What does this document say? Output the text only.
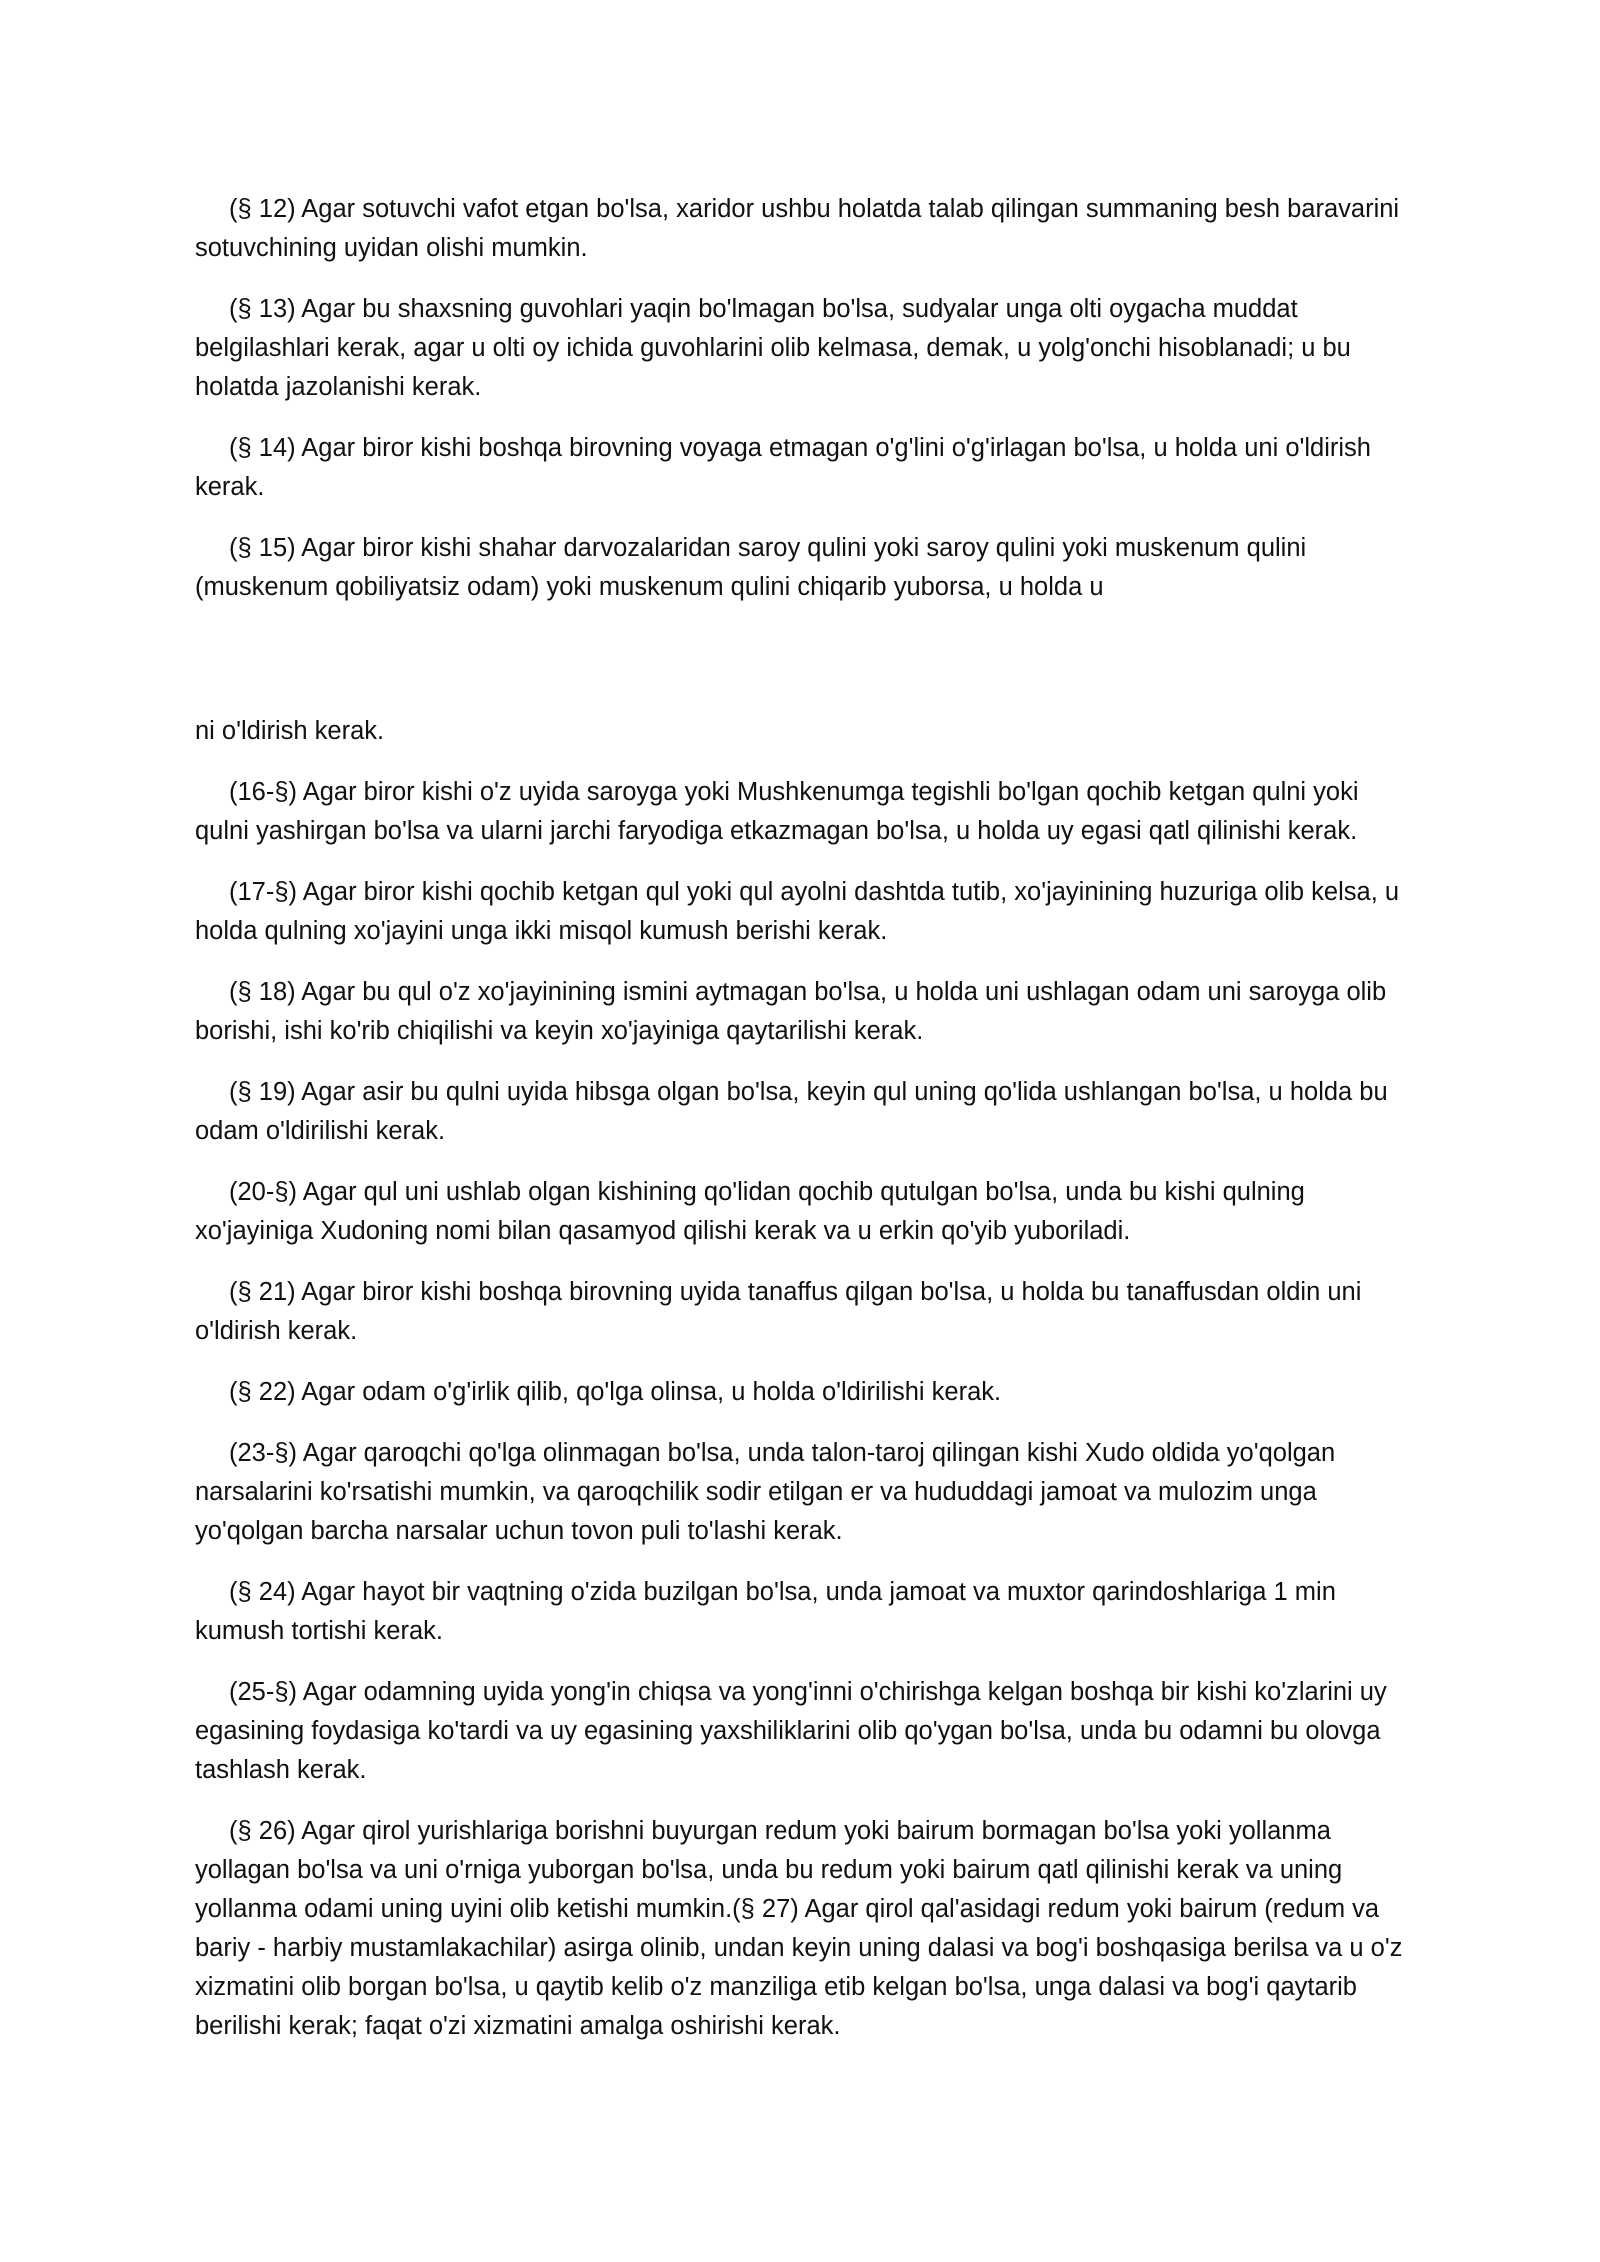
(§ 12) Agar sotuvchi vafot etgan bo'lsa, xaridor ushbu holatda talab qilingan summaning besh baravarini sotuvchining uyidan olishi mumkin.

(§ 13) Agar bu shaxsning guvohlari yaqin bo'lmagan bo'lsa, sudyalar unga olti oygacha muddat belgilashlari kerak, agar u olti oy ichida guvohlarini olib kelmasa, demak, u yolg'onchi hisoblanadi; u bu holatda jazolanishi kerak.

(§ 14) Agar biror kishi boshqa birovning voyaga etmagan o'g'lini o'g'irlagan bo'lsa, u holda uni o'ldirish kerak.

(§ 15) Agar biror kishi shahar darvozalaridan saroy qulini yoki saroy qulini yoki muskenum qulini (muskenum qobiliyatsiz odam) yoki muskenum qulini chiqarib yuborsa, u holda u

ni o'ldirish kerak.

(16-§) Agar biror kishi o'z uyida saroyga yoki Mushkenumga tegishli bo'lgan qochib ketgan qulni yoki qulni yashirgan bo'lsa va ularni jarchi faryodiga etkazmagan bo'lsa, u holda uy egasi qatl qilinishi kerak.

(17-§) Agar biror kishi qochib ketgan qul yoki qul ayolni dashtda tutib, xo'jayinining huzuriga olib kelsa, u holda qulning xo'jayini unga ikki misqol kumush berishi kerak.

(§ 18) Agar bu qul o'z xo'jayinining ismini aytmagan bo'lsa, u holda uni ushlagan odam uni saroyga olib borishi, ishi ko'rib chiqilishi va keyin xo'jayiniga qaytarilishi kerak.

(§ 19) Agar asir bu qulni uyida hibsga olgan bo'lsa, keyin qul uning qo'lida ushlangan bo'lsa, u holda bu odam o'ldirilishi kerak.

(20-§) Agar qul uni ushlab olgan kishining qo'lidan qochib qutulgan bo'lsa, unda bu kishi qulning xo'jayiniga Xudoning nomi bilan qasamyod qilishi kerak va u erkin qo'yib yuboriladi.

(§ 21) Agar biror kishi boshqa birovning uyida tanaffus qilgan bo'lsa, u holda bu tanaffusdan oldin uni o'ldirish kerak.

(§ 22) Agar odam o'g'irlik qilib, qo'lga olinsa, u holda o'ldirilishi kerak.

(23-§) Agar qaroqchi qo'lga olinmagan bo'lsa, unda talon-taroj qilingan kishi Xudo oldida yo'qolgan narsalarini ko'rsatishi mumkin, va qaroqchilik sodir etilgan er va hududdagi jamoat va mulozim unga yo'qolgan barcha narsalar uchun tovon puli to'lashi kerak.

(§ 24) Agar hayot bir vaqtning o'zida buzilgan bo'lsa, unda jamoat va muxtor qarindoshlariga 1 min kumush tortishi kerak.

(25-§) Agar odamning uyida yong'in chiqsa va yong'inni o'chirishga kelgan boshqa bir kishi ko'zlarini uy egasining foydasiga ko'tardi va uy egasining yaxshiliklarini olib qo'ygan bo'lsa, unda bu odamni bu olovga tashlash kerak.

(§ 26) Agar qirol yurishlariga borishni buyurgan redum yoki bairum bormagan bo'lsa yoki yollanma yollagan bo'lsa va uni o'rniga yuborgan bo'lsa, unda bu redum yoki bairum qatl qilinishi kerak va uning yollanma odami uning uyini olib ketishi mumkin.(§ 27) Agar qirol qal'asidagi redum yoki bairum (redum va bariy - harbiy mustamlakachilar) asirga olinib, undan keyin uning dalasi va bog'i boshqasiga berilsa va u o'z xizmatini olib borgan bo'lsa, u qaytib kelib o'z manziliga etib kelgan bo'lsa, unga dalasi va bog'i qaytarib berilishi kerak; faqat o'zi xizmatini amalga oshirishi kerak.
